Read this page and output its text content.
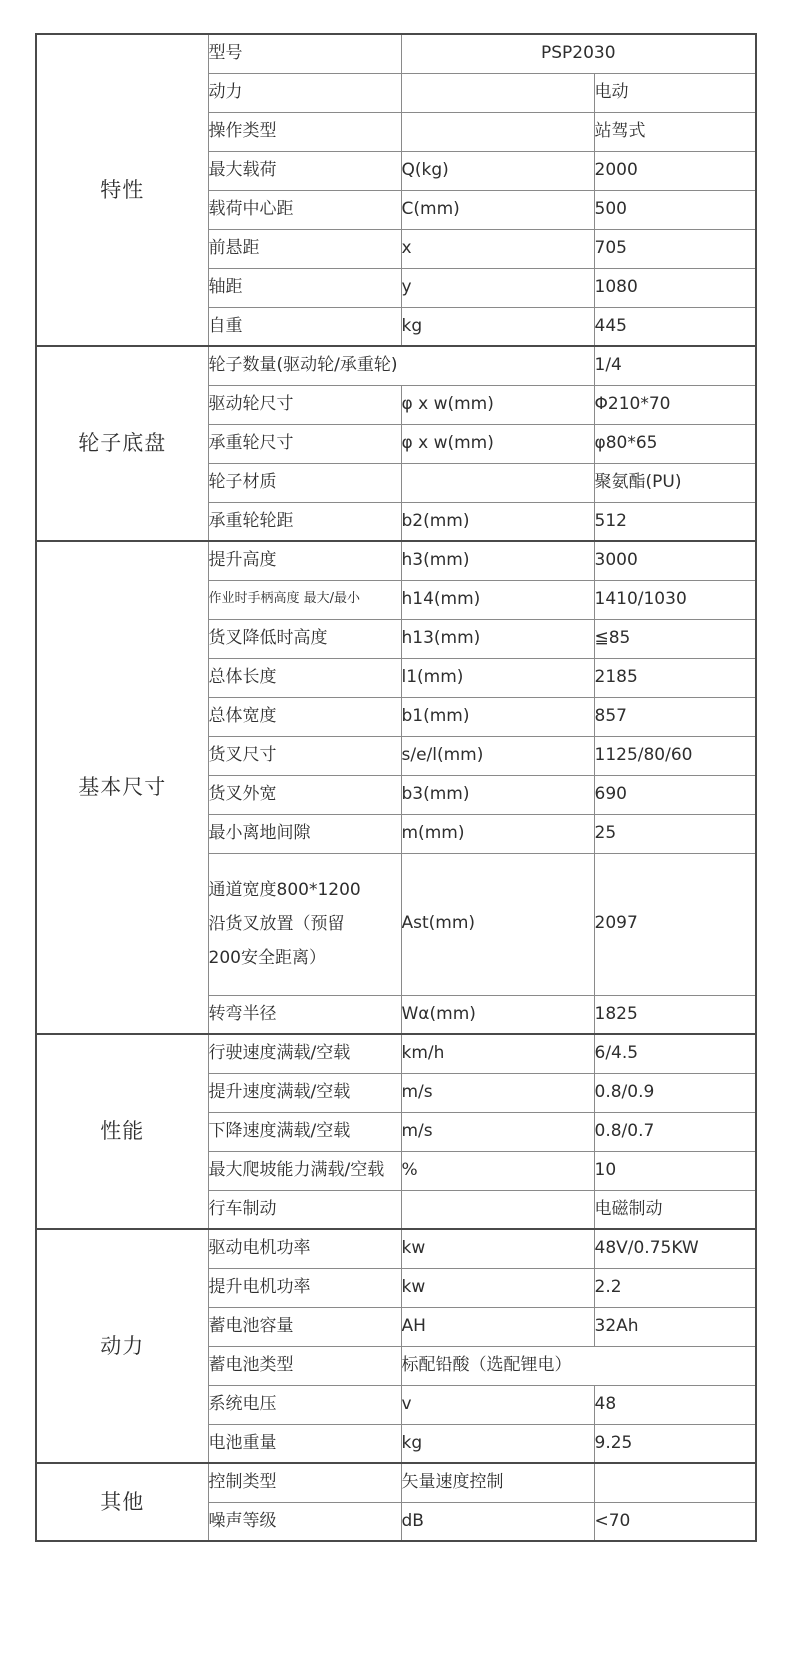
特性	型号	PSP2030	
	动力		电动
	操作类型		站驾式
	最大载荷	Q(kg)	2000
	载荷中心距	C(mm)	500
	前悬距	x	705
	轴距	y	1080
	自重	kg	445
轮子底盘	轮子数量(驱动轮/承重轮)		1/4
	驱动轮尺寸	φ x w(mm)	Φ210*70
	承重轮尺寸	φ x w(mm)	φ80*65
	轮子材质		聚氨酯(PU)
	承重轮轮距	b2(mm)	512
基本尺寸	提升高度	h3(mm)	3000
	作业时手柄高度 最大/最小	h14(mm)	1410/1030
	货叉降低时高度	h13(mm)	≦85
	总体长度	l1(mm)	2185
	总体宽度	b1(mm)	857
	货叉尺寸	s/e/l(mm)	1125/80/60
	货叉外宽	b3(mm)	690
	最小离地间隙	m(mm)	25
	通道宽度800*1200沿货叉放置（预留200安全距离）	Ast(mm)	2097
	转弯半径	Wα(mm)	1825
性能	行驶速度满载/空载	km/h	6/4.5
	提升速度满载/空载	m/s	0.8/0.9
	下降速度满载/空载	m/s	0.8/0.7
	最大爬坡能力满载/空载	%	10
	行车制动		电磁制动
动力	驱动电机功率	kw	48V/0.75KW
	提升电机功率	kw	2.2
	蓄电池容量	AH	32Ah
	蓄电池类型	标配铅酸（选配锂电）	
	系统电压	v	48
	电池重量	kg	9.25
其他	控制类型	矢量速度控制	
	噪声等级	dB	<70
